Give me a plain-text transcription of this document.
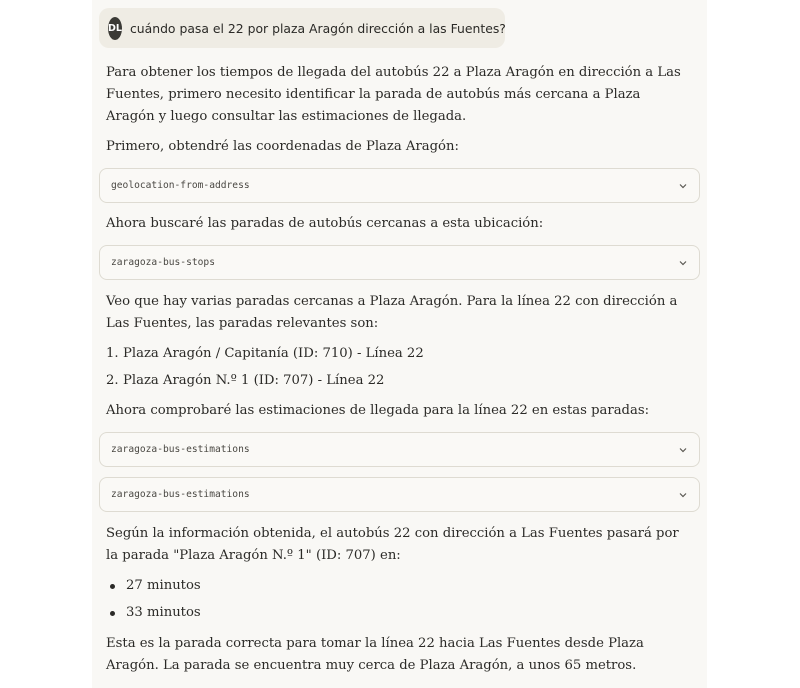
DL cuándo pasa el 22 por plaza Aragón dirección a las Fuentes?
Para obtener los tiempos de llegada del autobús 22 a Plaza Aragón en dirección a Las Fuentes, primero necesito identificar la parada de autobús más cercana a Plaza Aragón y luego consultar las estimaciones de llegada.
Primero, obtendré las coordenadas de Plaza Aragón:
geolocation-from-address
Ahora buscaré las paradas de autobús cercanas a esta ubicación:
zaragoza-bus-stops
Veo que hay varias paradas cercanas a Plaza Aragón. Para la línea 22 con dirección a Las Fuentes, las paradas relevantes son:
1. Plaza Aragón / Capitanía (ID: 710) - Línea 22
2. Plaza Aragón N.º 1 (ID: 707) - Línea 22
Ahora comprobaré las estimaciones de llegada para la línea 22 en estas paradas:
zaragoza-bus-estimations
zaragoza-bus-estimations
Según la información obtenida, el autobús 22 con dirección a Las Fuentes pasará por la parada "Plaza Aragón N.º 1" (ID: 707) en:
27 minutos
33 minutos
Esta es la parada correcta para tomar la línea 22 hacia Las Fuentes desde Plaza Aragón. La parada se encuentra muy cerca de Plaza Aragón, a unos 65 metros.
